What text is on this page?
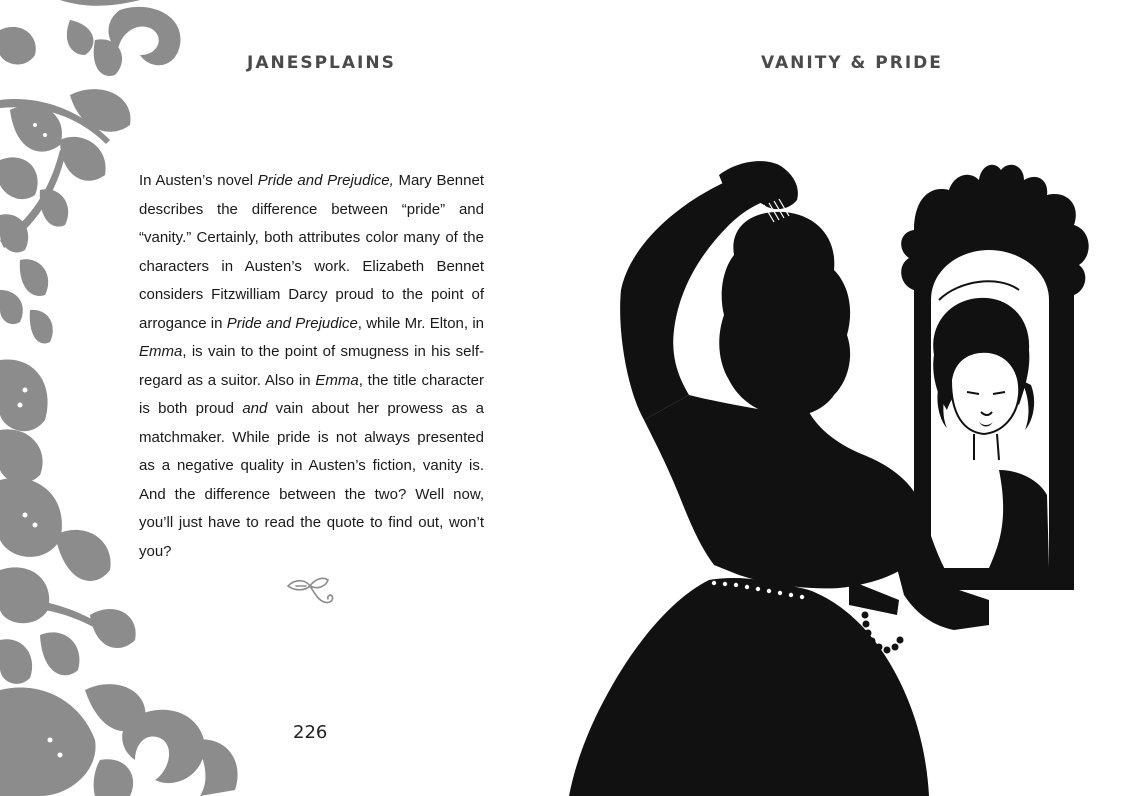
JANESPLAINS

In Austen’s novel Pride and Prejudice, Mary Bennet describes the difference between “pride” and “vanity.” Certainly, both attributes color many of the characters in Austen’s work. Elizabeth Bennet considers Fitzwilliam Darcy proud to the point of arrogance in Pride and Prejudice, while Mr. Elton, in Emma, is vain to the point of smugness in his self-regard as a suitor. Also in Emma, the title character is both proud and vain about her prowess as a matchmaker. While pride is not always presented as a negative quality in Austen’s fiction, vanity is. And the difference between the two? Well now, you’ll just have to read the quote to find out, won’t you?

226
VANITY & PRIDE
